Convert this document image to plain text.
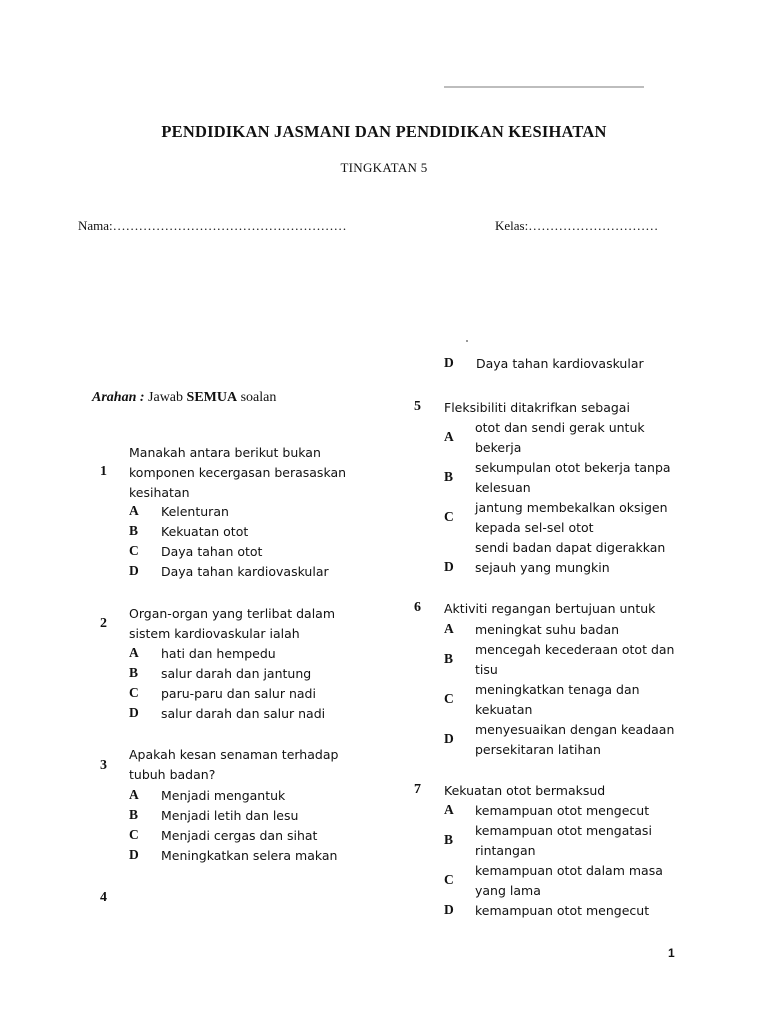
PENDIDIKAN JASMANI DAN PENDIDIKAN KESIHATAN
TINGKATAN 5
Nama:………………………………………………	Kelas:…………………………
Arahan : Jawab SEMUA soalan
1
Manakah antara berikut bukan
komponen kecergasan berasaskan
kesihatan
A Kelenturan
B Kekuatan otot
C Daya tahan otot
D Daya tahan kardiovaskular
2
Organ-organ yang terlibat dalam
sistem kardiovaskular ialah
A hati dan hempedu
B salur darah dan jantung
C paru-paru dan salur nadi
D salur darah dan salur nadi
3
Apakah kesan senaman terhadap
tubuh badan?
A Menjadi mengantuk
B Menjadi letih dan lesu
C Menjadi cergas dan sihat
D Meningkatkan selera makan
4
D Daya tahan kardiovaskular
5 Fleksibiliti ditakrifkan sebagai
A
otot dan sendi gerak untuk
bekerja
B
sekumpulan otot bekerja tanpa
kelesuan
C
jantung membekalkan oksigen
kepada sel-sel otot
D
sendi badan dapat digerakkan
sejauh yang mungkin
6 Aktiviti regangan bertujuan untuk
A meningkat suhu badan
B
mencegah kecederaan otot dan
tisu
C
meningkatkan tenaga dan
kekuatan
D
menyesuaikan dengan keadaan
persekitaran latihan
7 Kekuatan otot bermaksud
A kemampuan otot mengecut
B
kemampuan otot mengatasi
rintangan
C
kemampuan otot dalam masa
yang lama
D kemampuan otot mengecut
1
